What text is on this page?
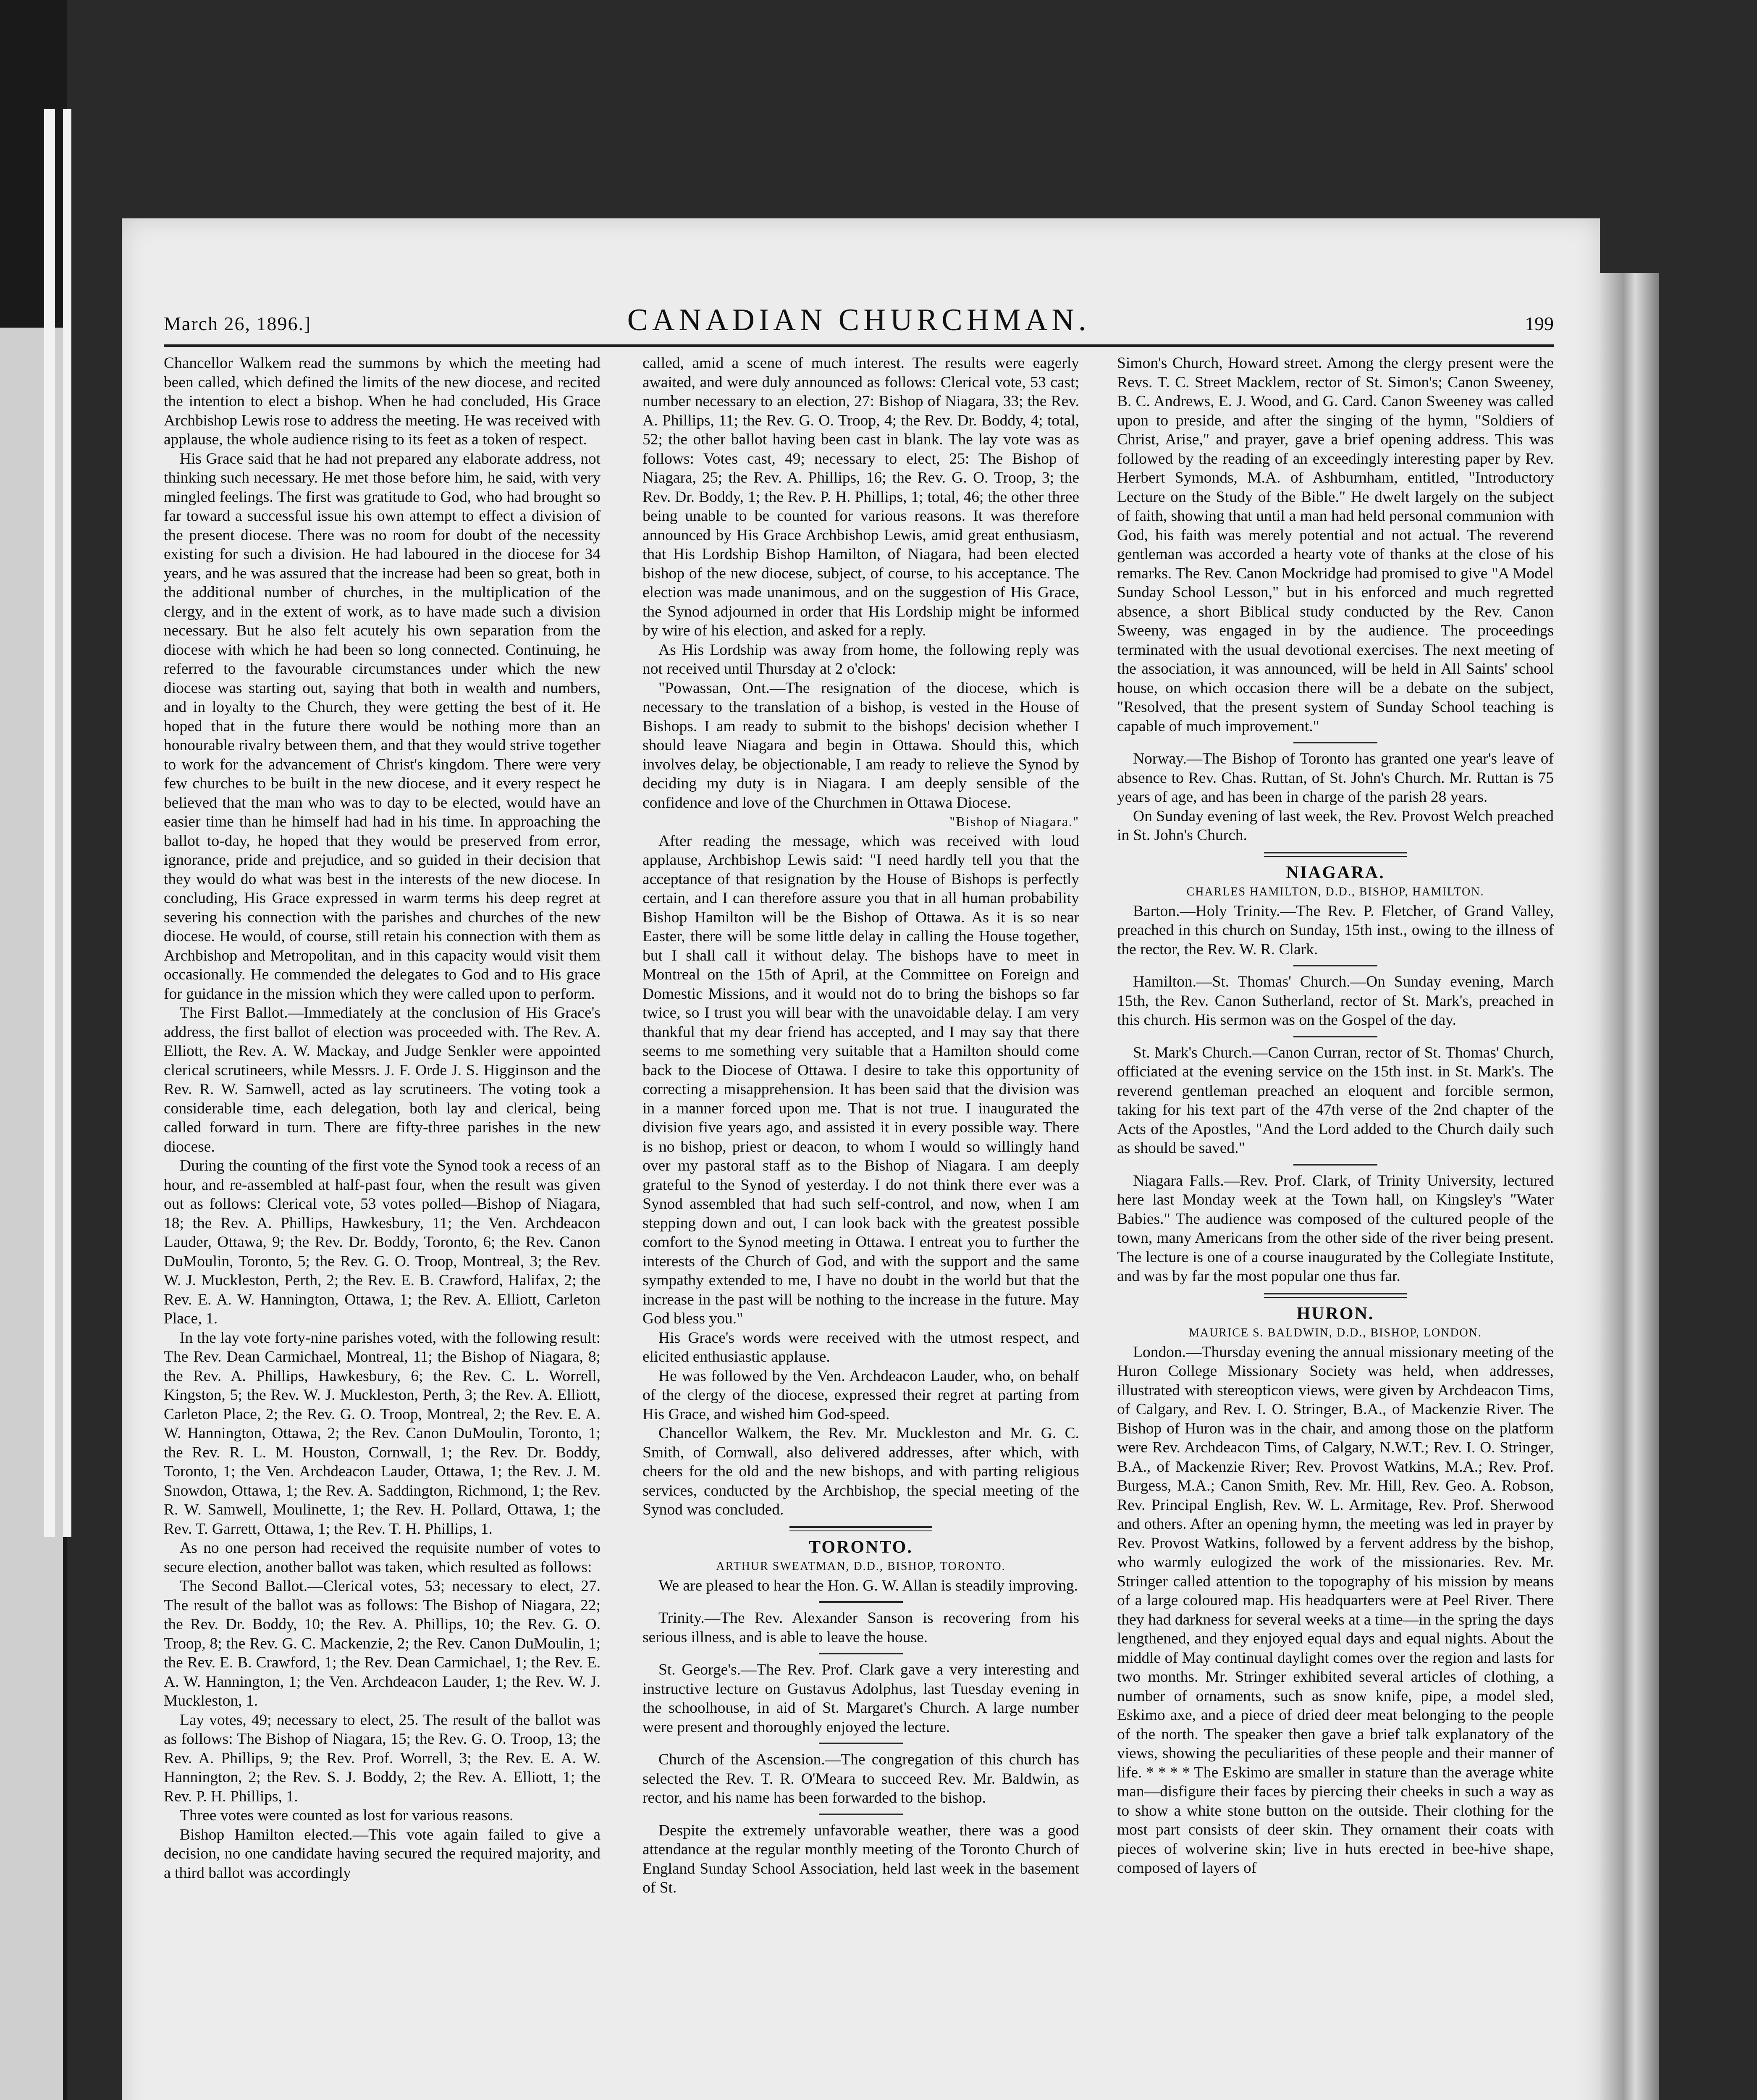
March 26, 1896.]	CANADIAN CHURCHMAN.	199

Chancellor Walkem read the summons by which the meeting had been called, which defined the limits of the new diocese, and recited the intention to elect a bishop. When he had concluded, His Grace Archbishop Lewis rose to address the meeting. He was received with applause, the whole audience rising to its feet as a token of respect.

His Grace said that he had not prepared any elaborate address, not thinking such necessary. He met those before him, he said, with very mingled feelings. The first was gratitude to God, who had brought so far toward a successful issue his own attempt to effect a division of the present diocese. There was no room for doubt of the necessity existing for such a division. He had laboured in the diocese for 34 years, and he was assured that the increase had been so great, both in the additional number of churches, in the multiplication of the clergy, and in the extent of work, as to have made such a division necessary. But he also felt acutely his own separation from the diocese with which he had been so long connected. Continuing, he referred to the favourable circumstances under which the new diocese was starting out, saying that both in wealth and numbers, and in loyalty to the Church, they were getting the best of it. He hoped that in the future there would be nothing more than an honourable rivalry between them, and that they would strive together to work for the advancement of Christ's kingdom. There were very few churches to be built in the new diocese, and it every respect he believed that the man who was to day to be elected, would have an easier time than he himself had had in his time. In approaching the ballot to-day, he hoped that they would be preserved from error, ignorance, pride and prejudice, and so guided in their decision that they would do what was best in the interests of the new diocese. In concluding, His Grace expressed in warm terms his deep regret at severing his connection with the parishes and churches of the new diocese. He would, of course, still retain his connection with them as Archbishop and Metropolitan, and in this capacity would visit them occasionally. He commended the delegates to God and to His grace for guidance in the mission which they were called upon to perform.

The First Ballot.—Immediately at the conclusion of His Grace's address, the first ballot of election was proceeded with. The Rev. A. Elliott, the Rev. A. W. Mackay, and Judge Senkler were appointed clerical scrutineers, while Messrs. J. F. Orde J. S. Higginson and the Rev. R. W. Samwell, acted as lay scrutineers. The voting took a considerable time, each delegation, both lay and clerical, being called forward in turn. There are fifty-three parishes in the new diocese.

During the counting of the first vote the Synod took a recess of an hour, and re-assembled at half-past four, when the result was given out as follows: Clerical vote, 53 votes polled—Bishop of Niagara, 18; the Rev. A. Phillips, Hawkesbury, 11; the Ven. Archdeacon Lauder, Ottawa, 9; the Rev. Dr. Boddy, Toronto, 6; the Rev. Canon DuMoulin, Toronto, 5; the Rev. G. O. Troop, Montreal, 3; the Rev. W. J. Muckleston, Perth, 2; the Rev. E. B. Crawford, Halifax, 2; the Rev. E. A. W. Hannington, Ottawa, 1; the Rev. A. Elliott, Carleton Place, 1.

In the lay vote forty-nine parishes voted, with the following result: The Rev. Dean Carmichael, Montreal, 11; the Bishop of Niagara, 8; the Rev. A. Phillips, Hawkesbury, 6; the Rev. C. L. Worrell, Kingston, 5; the Rev. W. J. Muckleston, Perth, 3; the Rev. A. Elliott, Carleton Place, 2; the Rev. G. O. Troop, Montreal, 2; the Rev. E. A. W. Hannington, Ottawa, 2; the Rev. Canon DuMoulin, Toronto, 1; the Rev. R. L. M. Houston, Cornwall, 1; the Rev. Dr. Boddy, Toronto, 1; the Ven. Archdeacon Lauder, Ottawa, 1; the Rev. J. M. Snowdon, Ottawa, 1; the Rev. A. Saddington, Richmond, 1; the Rev. R. W. Samwell, Moulinette, 1; the Rev. H. Pollard, Ottawa, 1; the Rev. T. Garrett, Ottawa, 1; the Rev. T. H. Phillips, 1.

As no one person had received the requisite number of votes to secure election, another ballot was taken, which resulted as follows:

The Second Ballot.—Clerical votes, 53; necessary to elect, 27. The result of the ballot was as follows: The Bishop of Niagara, 22; the Rev. Dr. Boddy, 10; the Rev. A. Phillips, 10; the Rev. G. O. Troop, 8; the Rev. G. C. Mackenzie, 2; the Rev. Canon DuMoulin, 1; the Rev. E. B. Crawford, 1; the Rev. Dean Carmichael, 1; the Rev. E. A. W. Hannington, 1; the Ven. Archdeacon Lauder, 1; the Rev. W. J. Muckleston, 1.

Lay votes, 49; necessary to elect, 25. The result of the ballot was as follows: The Bishop of Niagara, 15; the Rev. G. O. Troop, 13; the Rev. A. Phillips, 9; the Rev. Prof. Worrell, 3; the Rev. E. A. W. Hannington, 2; the Rev. S. J. Boddy, 2; the Rev. A. Elliott, 1; the Rev. P. H. Phillips, 1.

Three votes were counted as lost for various reasons.

Bishop Hamilton elected.—This vote again failed to give a decision, no one candidate having secured the required majority, and a third ballot was accordingly

called, amid a scene of much interest. The results were eagerly awaited, and were duly announced as follows: Clerical vote, 53 cast; number necessary to an election, 27: Bishop of Niagara, 33; the Rev. A. Phillips, 11; the Rev. G. O. Troop, 4; the Rev. Dr. Boddy, 4; total, 52; the other ballot having been cast in blank. The lay vote was as follows: Votes cast, 49; necessary to elect, 25: The Bishop of Niagara, 25; the Rev. A. Phillips, 16; the Rev. G. O. Troop, 3; the Rev. Dr. Boddy, 1; the Rev. P. H. Phillips, 1; total, 46; the other three being unable to be counted for various reasons. It was therefore announced by His Grace Archbishop Lewis, amid great enthusiasm, that His Lordship Bishop Hamilton, of Niagara, had been elected bishop of the new diocese, subject, of course, to his acceptance. The election was made unanimous, and on the suggestion of His Grace, the Synod adjourned in order that His Lordship might be informed by wire of his election, and asked for a reply.

As His Lordship was away from home, the following reply was not received until Thursday at 2 o'clock:

"Powassan, Ont.—The resignation of the diocese, which is necessary to the translation of a bishop, is vested in the House of Bishops. I am ready to submit to the bishops' decision whether I should leave Niagara and begin in Ottawa. Should this, which involves delay, be objectionable, I am ready to relieve the Synod by deciding my duty is in Niagara. I am deeply sensible of the confidence and love of the Churchmen in Ottawa Diocese.

"Bishop of Niagara."

After reading the message, which was received with loud applause, Archbishop Lewis said: "I need hardly tell you that the acceptance of that resignation by the House of Bishops is perfectly certain, and I can therefore assure you that in all human probability Bishop Hamilton will be the Bishop of Ottawa. As it is so near Easter, there will be some little delay in calling the House together, but I shall call it without delay. The bishops have to meet in Montreal on the 15th of April, at the Committee on Foreign and Domestic Missions, and it would not do to bring the bishops so far twice, so I trust you will bear with the unavoidable delay. I am very thankful that my dear friend has accepted, and I may say that there seems to me something very suitable that a Hamilton should come back to the Diocese of Ottawa. I desire to take this opportunity of correcting a misapprehension. It has been said that the division was in a manner forced upon me. That is not true. I inaugurated the division five years ago, and assisted it in every possible way. There is no bishop, priest or deacon, to whom I would so willingly hand over my pastoral staff as to the Bishop of Niagara. I am deeply grateful to the Synod of yesterday. I do not think there ever was a Synod assembled that had such self-control, and now, when I am stepping down and out, I can look back with the greatest possible comfort to the Synod meeting in Ottawa. I entreat you to further the interests of the Church of God, and with the support and the same sympathy extended to me, I have no doubt in the world but that the increase in the past will be nothing to the increase in the future. May God bless you."

His Grace's words were received with the utmost respect, and elicited enthusiastic applause.

He was followed by the Ven. Archdeacon Lauder, who, on behalf of the clergy of the diocese, expressed their regret at parting from His Grace, and wished him God-speed.

Chancellor Walkem, the Rev. Mr. Muckleston and Mr. G. C. Smith, of Cornwall, also delivered addresses, after which, with cheers for the old and the new bishops, and with parting religious services, conducted by the Archbishop, the special meeting of the Synod was concluded.

TORONTO.

ARTHUR SWEATMAN, D.D., BISHOP, TORONTO.

We are pleased to hear the Hon. G. W. Allan is steadily improving.

Trinity.—The Rev. Alexander Sanson is recovering from his serious illness, and is able to leave the house.

St. George's.—The Rev. Prof. Clark gave a very interesting and instructive lecture on Gustavus Adolphus, last Tuesday evening in the schoolhouse, in aid of St. Margaret's Church. A large number were present and thoroughly enjoyed the lecture.

Church of the Ascension.—The congregation of this church has selected the Rev. T. R. O'Meara to succeed Rev. Mr. Baldwin, as rector, and his name has been forwarded to the bishop.

Despite the extremely unfavorable weather, there was a good attendance at the regular monthly meeting of the Toronto Church of England Sunday School Association, held last week in the basement of St.

Simon's Church, Howard street. Among the clergy present were the Revs. T. C. Street Macklem, rector of St. Simon's; Canon Sweeney, B. C. Andrews, E. J. Wood, and G. Card. Canon Sweeney was called upon to preside, and after the singing of the hymn, "Soldiers of Christ, Arise," and prayer, gave a brief opening address. This was followed by the reading of an exceedingly interesting paper by Rev. Herbert Symonds, M.A. of Ashburnham, entitled, "Introductory Lecture on the Study of the Bible." He dwelt largely on the subject of faith, showing that until a man had held personal communion with God, his faith was merely potential and not actual. The reverend gentleman was accorded a hearty vote of thanks at the close of his remarks. The Rev. Canon Mockridge had promised to give "A Model Sunday School Lesson," but in his enforced and much regretted absence, a short Biblical study conducted by the Rev. Canon Sweeny, was engaged in by the audience. The proceedings terminated with the usual devotional exercises. The next meeting of the association, it was announced, will be held in All Saints' school house, on which occasion there will be a debate on the subject, "Resolved, that the present system of Sunday School teaching is capable of much improvement."

Norway.—The Bishop of Toronto has granted one year's leave of absence to Rev. Chas. Ruttan, of St. John's Church. Mr. Ruttan is 75 years of age, and has been in charge of the parish 28 years.

On Sunday evening of last week, the Rev. Provost Welch preached in St. John's Church.

NIAGARA.

CHARLES HAMILTON, D.D., BISHOP, HAMILTON.

Barton.—Holy Trinity.—The Rev. P. Fletcher, of Grand Valley, preached in this church on Sunday, 15th inst., owing to the illness of the rector, the Rev. W. R. Clark.

Hamilton.—St. Thomas' Church.—On Sunday evening, March 15th, the Rev. Canon Sutherland, rector of St. Mark's, preached in this church. His sermon was on the Gospel of the day.

St. Mark's Church.—Canon Curran, rector of St. Thomas' Church, officiated at the evening service on the 15th inst. in St. Mark's. The reverend gentleman preached an eloquent and forcible sermon, taking for his text part of the 47th verse of the 2nd chapter of the Acts of the Apostles, "And the Lord added to the Church daily such as should be saved."

Niagara Falls.—Rev. Prof. Clark, of Trinity University, lectured here last Monday week at the Town hall, on Kingsley's "Water Babies." The audience was composed of the cultured people of the town, many Americans from the other side of the river being present. The lecture is one of a course inaugurated by the Collegiate Institute, and was by far the most popular one thus far.

HURON.

MAURICE S. BALDWIN, D.D., BISHOP, LONDON.

London.—Thursday evening the annual missionary meeting of the Huron College Missionary Society was held, when addresses, illustrated with stereopticon views, were given by Archdeacon Tims, of Calgary, and Rev. I. O. Stringer, B.A., of Mackenzie River. The Bishop of Huron was in the chair, and among those on the platform were Rev. Archdeacon Tims, of Calgary, N.W.T.; Rev. I. O. Stringer, B.A., of Mackenzie River; Rev. Provost Watkins, M.A.; Rev. Prof. Burgess, M.A.; Canon Smith, Rev. Mr. Hill, Rev. Geo. A. Robson, Rev. Principal English, Rev. W. L. Armitage, Rev. Prof. Sherwood and others. After an opening hymn, the meeting was led in prayer by Rev. Provost Watkins, followed by a fervent address by the bishop, who warmly eulogized the work of the missionaries. Rev. Mr. Stringer called attention to the topography of his mission by means of a large coloured map. His headquarters were at Peel River. There they had darkness for several weeks at a time—in the spring the days lengthened, and they enjoyed equal days and equal nights. About the middle of May continual daylight comes over the region and lasts for two months. Mr. Stringer exhibited several articles of clothing, a number of ornaments, such as snow knife, pipe, a model sled, Eskimo axe, and a piece of dried deer meat belonging to the people of the north. The speaker then gave a brief talk explanatory of the views, showing the peculiarities of these people and their manner of life. * * * * The Eskimo are smaller in stature than the average white man—disfigure their faces by piercing their cheeks in such a way as to show a white stone button on the outside. Their clothing for the most part consists of deer skin. They ornament their coats with pieces of wolverine skin; live in huts erected in bee-hive shape, composed of layers of
